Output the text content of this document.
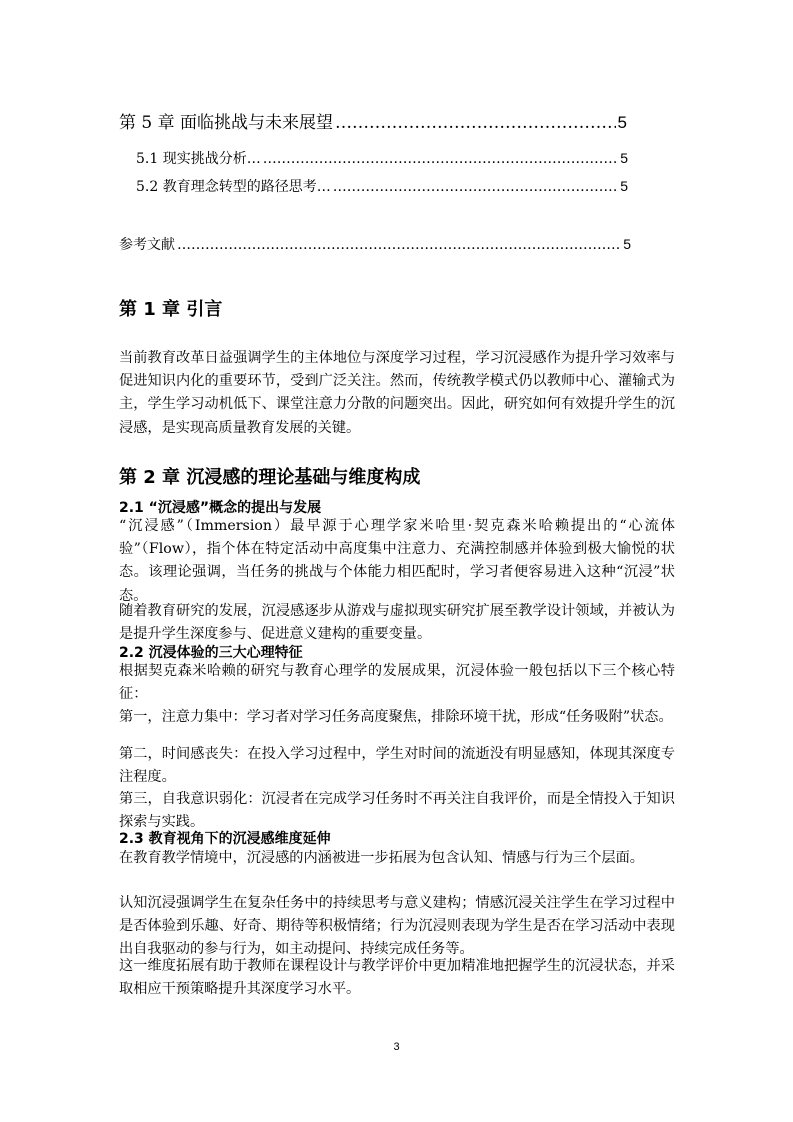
第 5 章 面临挑战与未来展望 …………………………………………………………………………………………………………………………………………………………	5
5.1 现实挑战分析… …………………………………………………………………………………………………………………………………………………………	5
5.2 教育理念转型的路径思考… …………………………………………………………………………………………………………………………………………………………	5
参考文献 …………………………………………………………………………………………………………………………………………………………	5
第 1 章 引言

当前教育改革日益强调学生的主体地位与深度学习过程，学习沉浸感作为提升学习效率与促进知识内化的重要环节，受到广泛关注。然而，传统教学模式仍以教师中心、灌输式为主，学生学习动机低下、课堂注意力分散的问题突出。因此，研究如何有效提升学生的沉浸感，是实现高质量教育发展的关键。

第 2 章 沉浸感的理论基础与维度构成
2.1 “沉浸感”概念的提出与发展

“沉浸感”（Immersion）最早源于心理学家米哈里·契克森米哈赖提出的“心流体验”（Flow），指个体在特定活动中高度集中注意力、充满控制感并体验到极大愉悦的状态。该理论强调，当任务的挑战与个体能力相匹配时，学习者便容易进入这种“沉浸”状态。

随着教育研究的发展，沉浸感逐步从游戏与虚拟现实研究扩展至教学设计领域，并被认为是提升学生深度参与、促进意义建构的重要变量。

2.2 沉浸体验的三大心理特征

根据契克森米哈赖的研究与教育心理学的发展成果，沉浸体验一般包括以下三个核心特征：

第一，注意力集中：学习者对学习任务高度聚焦，排除环境干扰，形成“任务吸附”状态。

第二，时间感丧失：在投入学习过程中，学生对时间的流逝没有明显感知，体现其深度专注程度。

第三，自我意识弱化：沉浸者在完成学习任务时不再关注自我评价，而是全情投入于知识探索与实践。

2.3 教育视角下的沉浸感维度延伸

在教育教学情境中，沉浸感的内涵被进一步拓展为包含认知、情感与行为三个层面。

认知沉浸强调学生在复杂任务中的持续思考与意义建构；情感沉浸关注学生在学习过程中是否体验到乐趣、好奇、期待等积极情绪；行为沉浸则表现为学生是否在学习活动中表现出自我驱动的参与行为，如主动提问、持续完成任务等。

这一维度拓展有助于教师在课程设计与教学评价中更加精准地把握学生的沉浸状态，并采取相应干预策略提升其深度学习水平。

3
